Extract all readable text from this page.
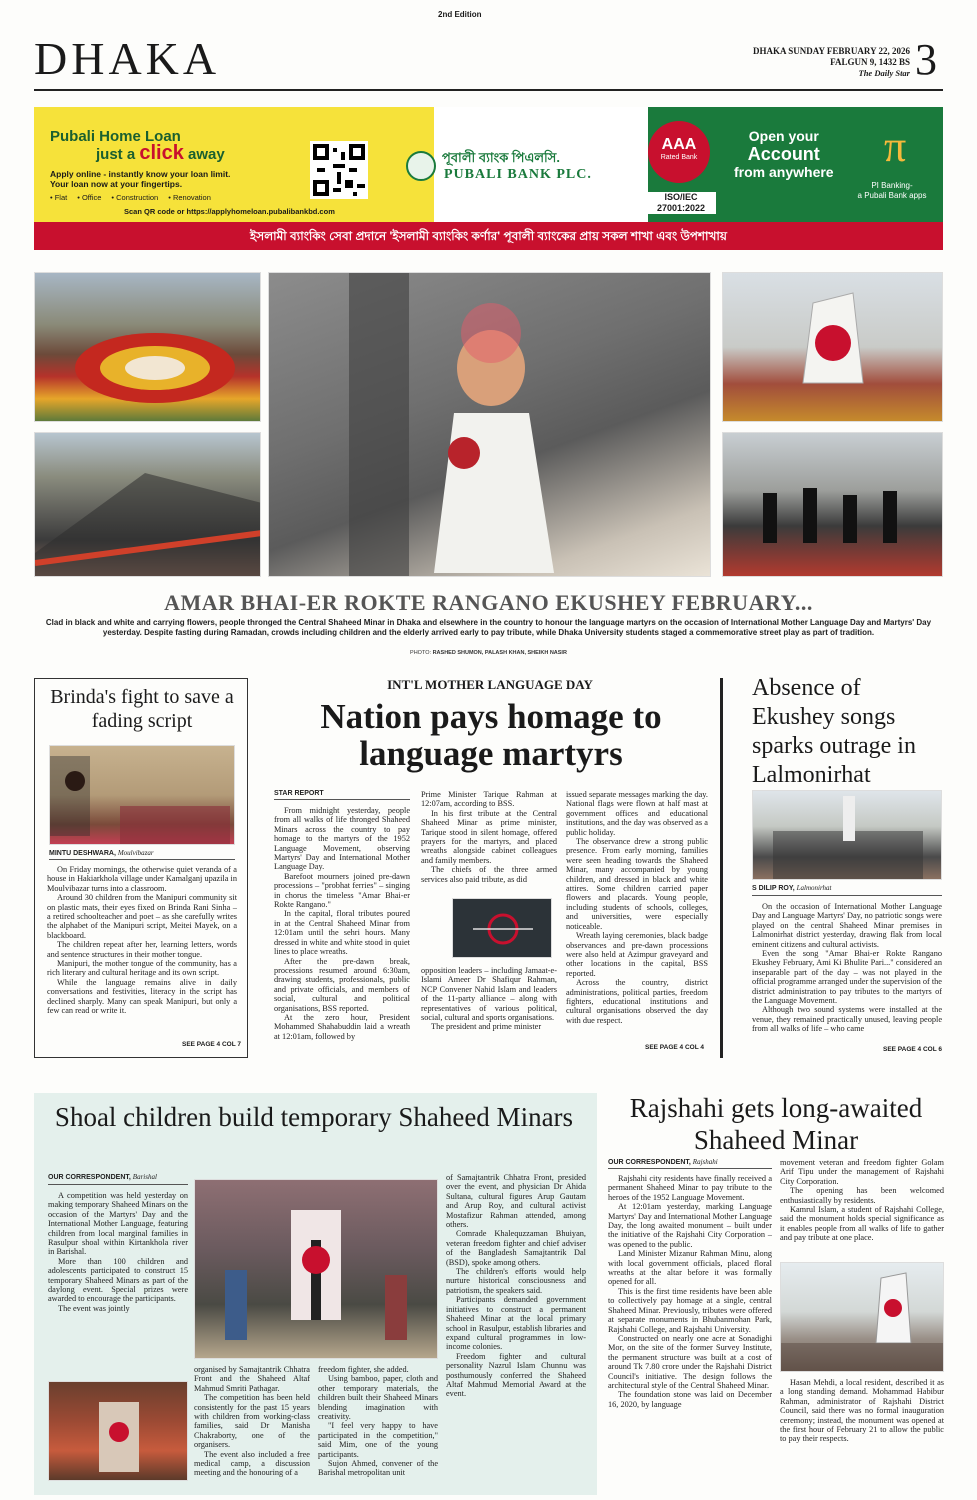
2nd Edition
DHAKA	DHAKA SUNDAY FEBRUARY 22, 2026
FALGUN 9, 1432 BS
The Daily Star 3
Pubali Home Loan
just a click away
Apply online - instantly know your loan limit.
Your loan now at your fingertips.
• Flat • Office • Construction • Renovation
Scan QR code or https://applyhomeloan.pubalibankbd.com
পূবালী ব্যাংক পিএলসি.
PUBALI BANK PLC.
AAA
Rated Bank
ISO/IEC
27001:2022
Open your
Account
from anywhere
π
PI Banking-
a Pubali Bank apps
ইসলামী ব্যাংকিং সেবা প্রদানে 'ইসলামী ব্যাংকিং কর্ণার' পূবালী ব্যাংকের প্রায় সকল শাখা এবং উপশাখায়
AMAR BHAI-ER ROKTE RANGANO EKUSHEY FEBRUARY...
Clad in black and white and carrying flowers, people thronged the Central Shaheed Minar in Dhaka and elsewhere in the country to honour the language martyrs on the occasion of International Mother Language Day and Martyrs' Day yesterday. Despite fasting during Ramadan, crowds including children and the elderly arrived early to pay tribute, while Dhaka University students staged a commemorative street play as part of tradition.
PHOTO: RASHED SHUMON, PALASH KHAN, SHEIKH NASIR
Brinda's fight to save a fading script
MINTU DESHWARA, Moulvibazar

On Friday mornings, the otherwise quiet veranda of a house in Hakiarkhola village under Kamalganj upazila in Moulvibazar turns into a classroom.

Around 30 children from the Manipuri community sit on plastic mats, their eyes fixed on Brinda Rani Sinha – a retired schoolteacher and poet – as she carefully writes the alphabet of the Manipuri script, Meitei Mayek, on a blackboard.

The children repeat after her, learning letters, words and sentence structures in their mother tongue.

Manipuri, the mother tongue of the community, has a rich literary and cultural heritage and its own script.

While the language remains alive in daily conversations and festivities, literacy in the script has declined sharply. Many can speak Manipuri, but only a few can read or write it.

SEE PAGE 4 COL 7
INT'L MOTHER LANGUAGE DAY
Nation pays homage to language martyrs
STAR REPORT

From midnight yesterday, people from all walks of life thronged Shaheed Minars across the country to pay homage to the martyrs of the 1952 Language Movement, observing Martyrs' Day and International Mother Language Day.

Barefoot mourners joined pre-dawn processions – "probhat ferries" – singing in chorus the timeless "Amar Bhai-er Rokte Rangano."

In the capital, floral tributes poured in at the Central Shaheed Minar from 12:01am until the sehri hours. Many dressed in white and white stood in quiet lines to place wreaths.

After the pre-dawn break, processions resumed around 6:30am, drawing students, professionals, public and private officials, and members of social, cultural and political organisations, BSS reported.

At the zero hour, President Mohammed Shahabuddin laid a wreath at 12:01am, followed by

Prime Minister Tarique Rahman at 12:07am, according to BSS.

In his first tribute at the Central Shaheed Minar as prime minister, Tarique stood in silent homage, offered prayers for the martyrs, and placed wreaths alongside cabinet colleagues and family members.

The chiefs of the three armed services also paid tribute, as did

opposition leaders – including Jamaat-e-Islami Ameer Dr Shafiqur Rahman, NCP Convener Nahid Islam and leaders of the 11-party alliance – along with representatives of various political, social, cultural and sports organisations.

The president and prime minister

issued separate messages marking the day. National flags were flown at half mast at government offices and educational institutions, and the day was observed as a public holiday.

The observance drew a strong public presence. From early morning, families were seen heading towards the Shaheed Minar, many accompanied by young children, and dressed in black and white attires. Some children carried paper flowers and placards. Young people, including students of schools, colleges, and universities, were especially noticeable.

Wreath laying ceremonies, black badge observances and pre-dawn processions were also held at Azimpur graveyard and other locations in the capital, BSS reported.

Across the country, district administrations, political parties, freedom fighters, educational institutions and cultural organisations observed the day with due respect.

SEE PAGE 4 COL 4
Absence of Ekushey songs sparks outrage in Lalmonirhat
S DILIP ROY, Lalmonirhat

On the occasion of International Mother Language Day and Language Martyrs' Day, no patriotic songs were played on the central Shaheed Minar premises in Lalmonirhat district yesterday, drawing flak from local eminent citizens and cultural activists.

Even the song "Amar Bhai-er Rokte Rangano Ekushey February, Ami Ki Bhulite Pari..." considered an inseparable part of the day – was not played in the official programme arranged under the supervision of the district administration to pay tributes to the martyrs of the Language Movement.

Although two sound systems were installed at the venue, they remained practically unused, leaving people from all walks of life – who came

SEE PAGE 4 COL 6
Shoal children build temporary Shaheed Minars
OUR CORRESPONDENT, Barishal

A competition was held yesterday on making temporary Shaheed Minars on the occasion of the Martyrs' Day and the International Mother Language, featuring children from local marginal families in Rasulpur shoal within Kirtankhola river in Barishal.

More than 100 children and adolescents participated to construct 15 temporary Shaheed Minars as part of the daylong event. Special prizes were awarded to encourage the participants.

The event was jointly

of Samajtantrik Chhatra Front, presided over the event, and physician Dr Ahida Sultana, cultural figures Arup Gautam and Arup Roy, and cultural activist Mostafizur Rahman attended, among others.

Comrade Khalequzzaman Bhuiyan, veteran freedom fighter and chief adviser of the Bangladesh Samajtantrik Dal (BSD), spoke among others.

The children's efforts would help nurture historical consciousness and patriotism, the speakers said.

Participants demanded government initiatives to construct a permanent Shaheed Minar at the local primary school in Rasulpur, establish libraries and expand cultural programmes in low-income colonies.

Freedom fighter and cultural personality Nazrul Islam Chunnu was posthumously conferred the Shaheed Altaf Mahmud Memorial Award at the event.

organised by Samajtantrik Chhatra Front and the Shaheed Altaf Mahmud Smriti Pathagar.

The competition has been held consistently for the past 15 years with children from working-class families, said Dr Manisha Chakraborty, one of the organisers.

The event also included a free medical camp, a discussion meeting and the honouring of a

freedom fighter, she added.

Using bamboo, paper, cloth and other temporary materials, the children built their Shaheed Minars blending imagination with creativity.

"I feel very happy to have participated in the competition," said Mim, one of the young participants.

Sujon Ahmed, convener of the Barishal metropolitan unit

Rajshahi gets long-awaited Shaheed Minar
OUR CORRESPONDENT, Rajshahi

Rajshahi city residents have finally received a permanent Shaheed Minar to pay tribute to the heroes of the 1952 Language Movement.

At 12:01am yesterday, marking Language Martyrs' Day and International Mother Language Day, the long awaited monument – built under the initiative of the Rajshahi City Corporation – was opened to the public.

Land Minister Mizanur Rahman Minu, along with local government officials, placed floral wreaths at the altar before it was formally opened for all.

This is the first time residents have been able to collectively pay homage at a single, central Shaheed Minar. Previously, tributes were offered at separate monuments in Bhubanmohan Park, Rajshahi College, and Rajshahi University.

Constructed on nearly one acre at Sonadighi Mor, on the site of the former Survey Institute, the permanent structure was built at a cost of around Tk 7.80 crore under the Rajshahi District Council's initiative. The design follows the architectural style of the Central Shaheed Minar.

The foundation stone was laid on December 16, 2020, by language

movement veteran and freedom fighter Golam Arif Tipu under the management of Rajshahi City Corporation.

The opening has been welcomed enthusiastically by residents.

Kamrul Islam, a student of Rajshahi College, said the monument holds special significance as it enables people from all walks of life to gather and pay tribute at one place.

Hasan Mehdi, a local resident, described it as a long standing demand. Mohammad Habibur Rahman, administrator of Rajshahi District Council, said there was no formal inauguration ceremony; instead, the monument was opened at the first hour of February 21 to allow the public to pay their respects.
